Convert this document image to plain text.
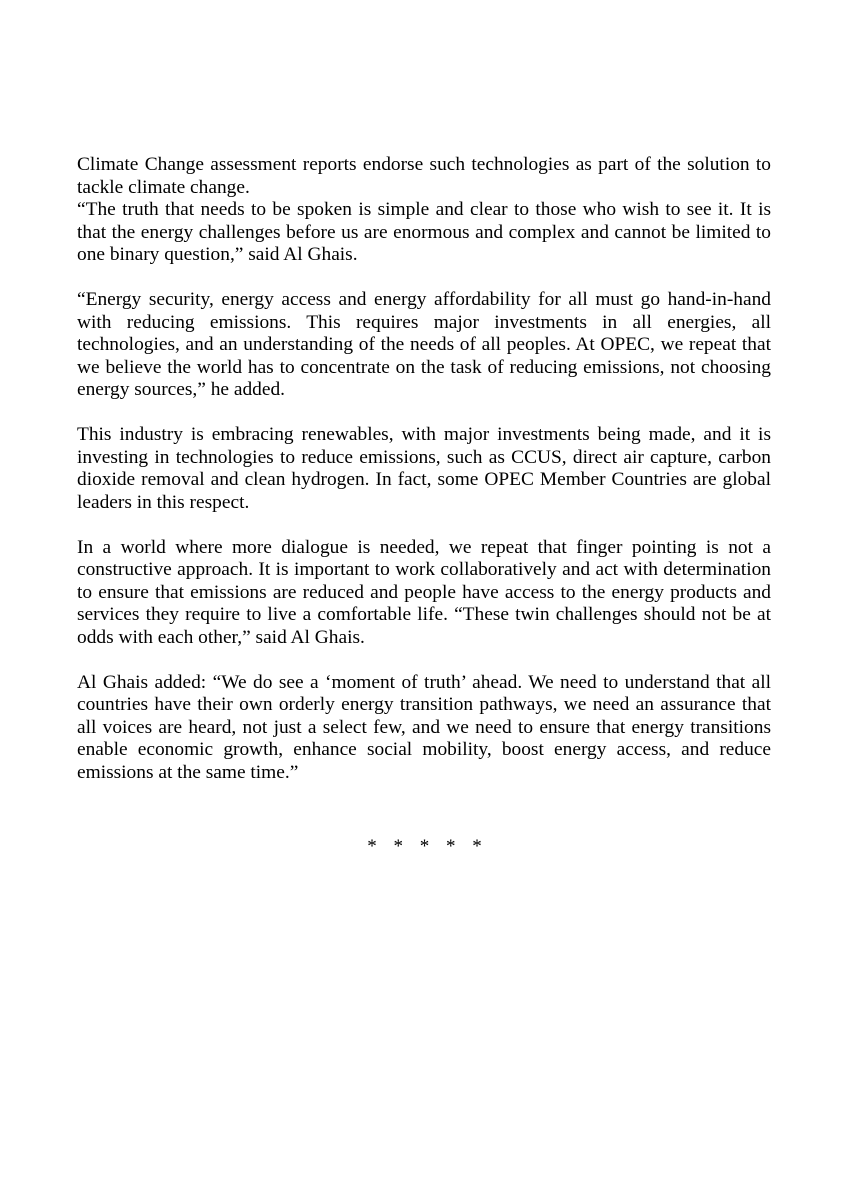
Climate Change assessment reports endorse such technologies as part of the solution to tackle climate change.

“The truth that needs to be spoken is simple and clear to those who wish to see it. It is that the energy challenges before us are enormous and complex and cannot be limited to one binary question,” said Al Ghais.

“Energy security, energy access and energy affordability for all must go hand-in-hand with reducing emissions. This requires major investments in all energies, all technologies, and an understanding of the needs of all peoples. At OPEC, we repeat that we believe the world has to concentrate on the task of reducing emissions, not choosing energy sources,” he added.

This industry is embracing renewables, with major investments being made, and it is investing in technologies to reduce emissions, such as CCUS, direct air capture, carbon dioxide removal and clean hydrogen. In fact, some OPEC Member Countries are global leaders in this respect.

In a world where more dialogue is needed, we repeat that finger pointing is not a constructive approach. It is important to work collaboratively and act with determination to ensure that emissions are reduced and people have access to the energy products and services they require to live a comfortable life. “These twin challenges should not be at odds with each other,” said Al Ghais.

Al Ghais added: “We do see a ‘moment of truth’ ahead. We need to understand that all countries have their own orderly energy transition pathways, we need an assurance that all voices are heard, not just a select few, and we need to ensure that energy transitions enable economic growth, enhance social mobility, boost energy access, and reduce emissions at the same time.”

* * * * *
